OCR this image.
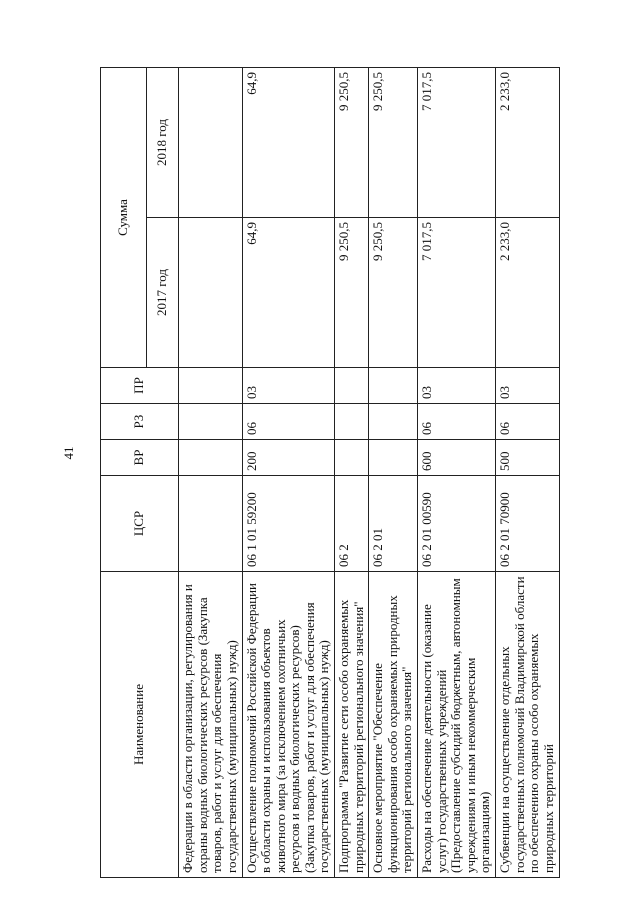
41
Наименование	ЦСР	ВР	РЗ	ПР	Сумма	
					2017 год	2018 год
Федерации в области организации, регулирования и охраны водных биологических ресурсов (Закупка товаров, работ и услуг для обеспечения государственных (муниципальных) нужд)						
Осуществление полномочий Российской Федерации в области охраны и использования объектов животного мира (за исключением охотничьих ресурсов и водных биологических ресурсов) (Закупка товаров, работ и услуг для обеспечения государственных (муниципальных) нужд)	06 1 01 59200	200	06	03	64,9	64,9
Подпрограмма "Развитие сети особо охраняемых природных территорий регионального значения"	06 2				9 250,5	9 250,5
Основное мероприятие "Обеспечение функционирования особо охраняемых природных территорий регионального значения"	06 2 01				9 250,5	9 250,5
Расходы на обеспечение деятельности (оказание услуг) государственных учреждений (Предоставление субсидий бюджетным, автономным учреждениям и иным некоммерческим организациям)	06 2 01 00590	600	06	03	7 017,5	7 017,5
Субвенции на осуществление отдельных государственных полномочий Владимирской области по обеспечению охраны особо охраняемых природных территорий	06 2 01 70900	500	06	03	2 233,0	2 233,0
